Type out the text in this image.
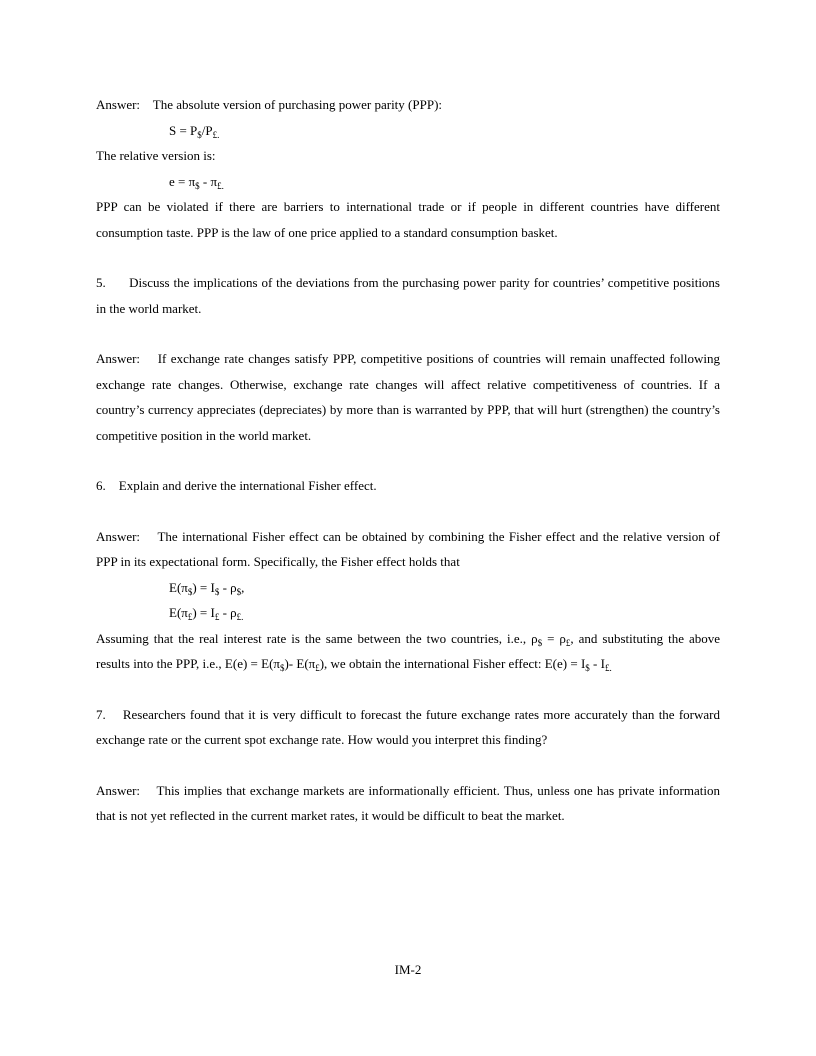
Answer:    The absolute version of purchasing power parity (PPP):

$S = P_{\$}/P_{£.}$

The relative version is:

$e = \pi_{\$} - \pi_{£.}$

PPP can be violated if there are barriers to international trade or if people in different countries have different consumption taste. PPP is the law of one price applied to a standard consumption basket.

5.      Discuss the implications of the deviations from the purchasing power parity for countries’ competitive positions in the world market.

Answer:    If exchange rate changes satisfy PPP, competitive positions of countries will remain unaffected following exchange rate changes. Otherwise, exchange rate changes will affect relative competitiveness of countries. If a country’s currency appreciates (depreciates) by more than is warranted by PPP, that will hurt (strengthen) the country’s competitive position in the world market.

6.    Explain and derive the international Fisher effect.

Answer:    The international Fisher effect can be obtained by combining the Fisher effect and the relative version of PPP in its expectational form. Specifically, the Fisher effect holds that

$E(\pi_{\$}) = I_{\$} - \rho_{\$}$,

$E(\pi_£) = I_£ - \rho_{£.}$

Assuming that the real interest rate is the same between the two countries, i.e., $\rho_{\$} = \rho_£$, and substituting the above results into the PPP, i.e., $E(e) = E(\pi_{\$})-$ $E(\pi_£)$, we obtain the international Fisher effect: $E(e) = I_{\$} - I_{£.}$

7.    Researchers found that it is very difficult to forecast the future exchange rates more accurately than the forward exchange rate or the current spot exchange rate. How would you interpret this finding?

Answer:    This implies that exchange markets are informationally efficient. Thus, unless one has private information that is not yet reflected in the current market rates, it would be difficult to beat the market.

IM-2
